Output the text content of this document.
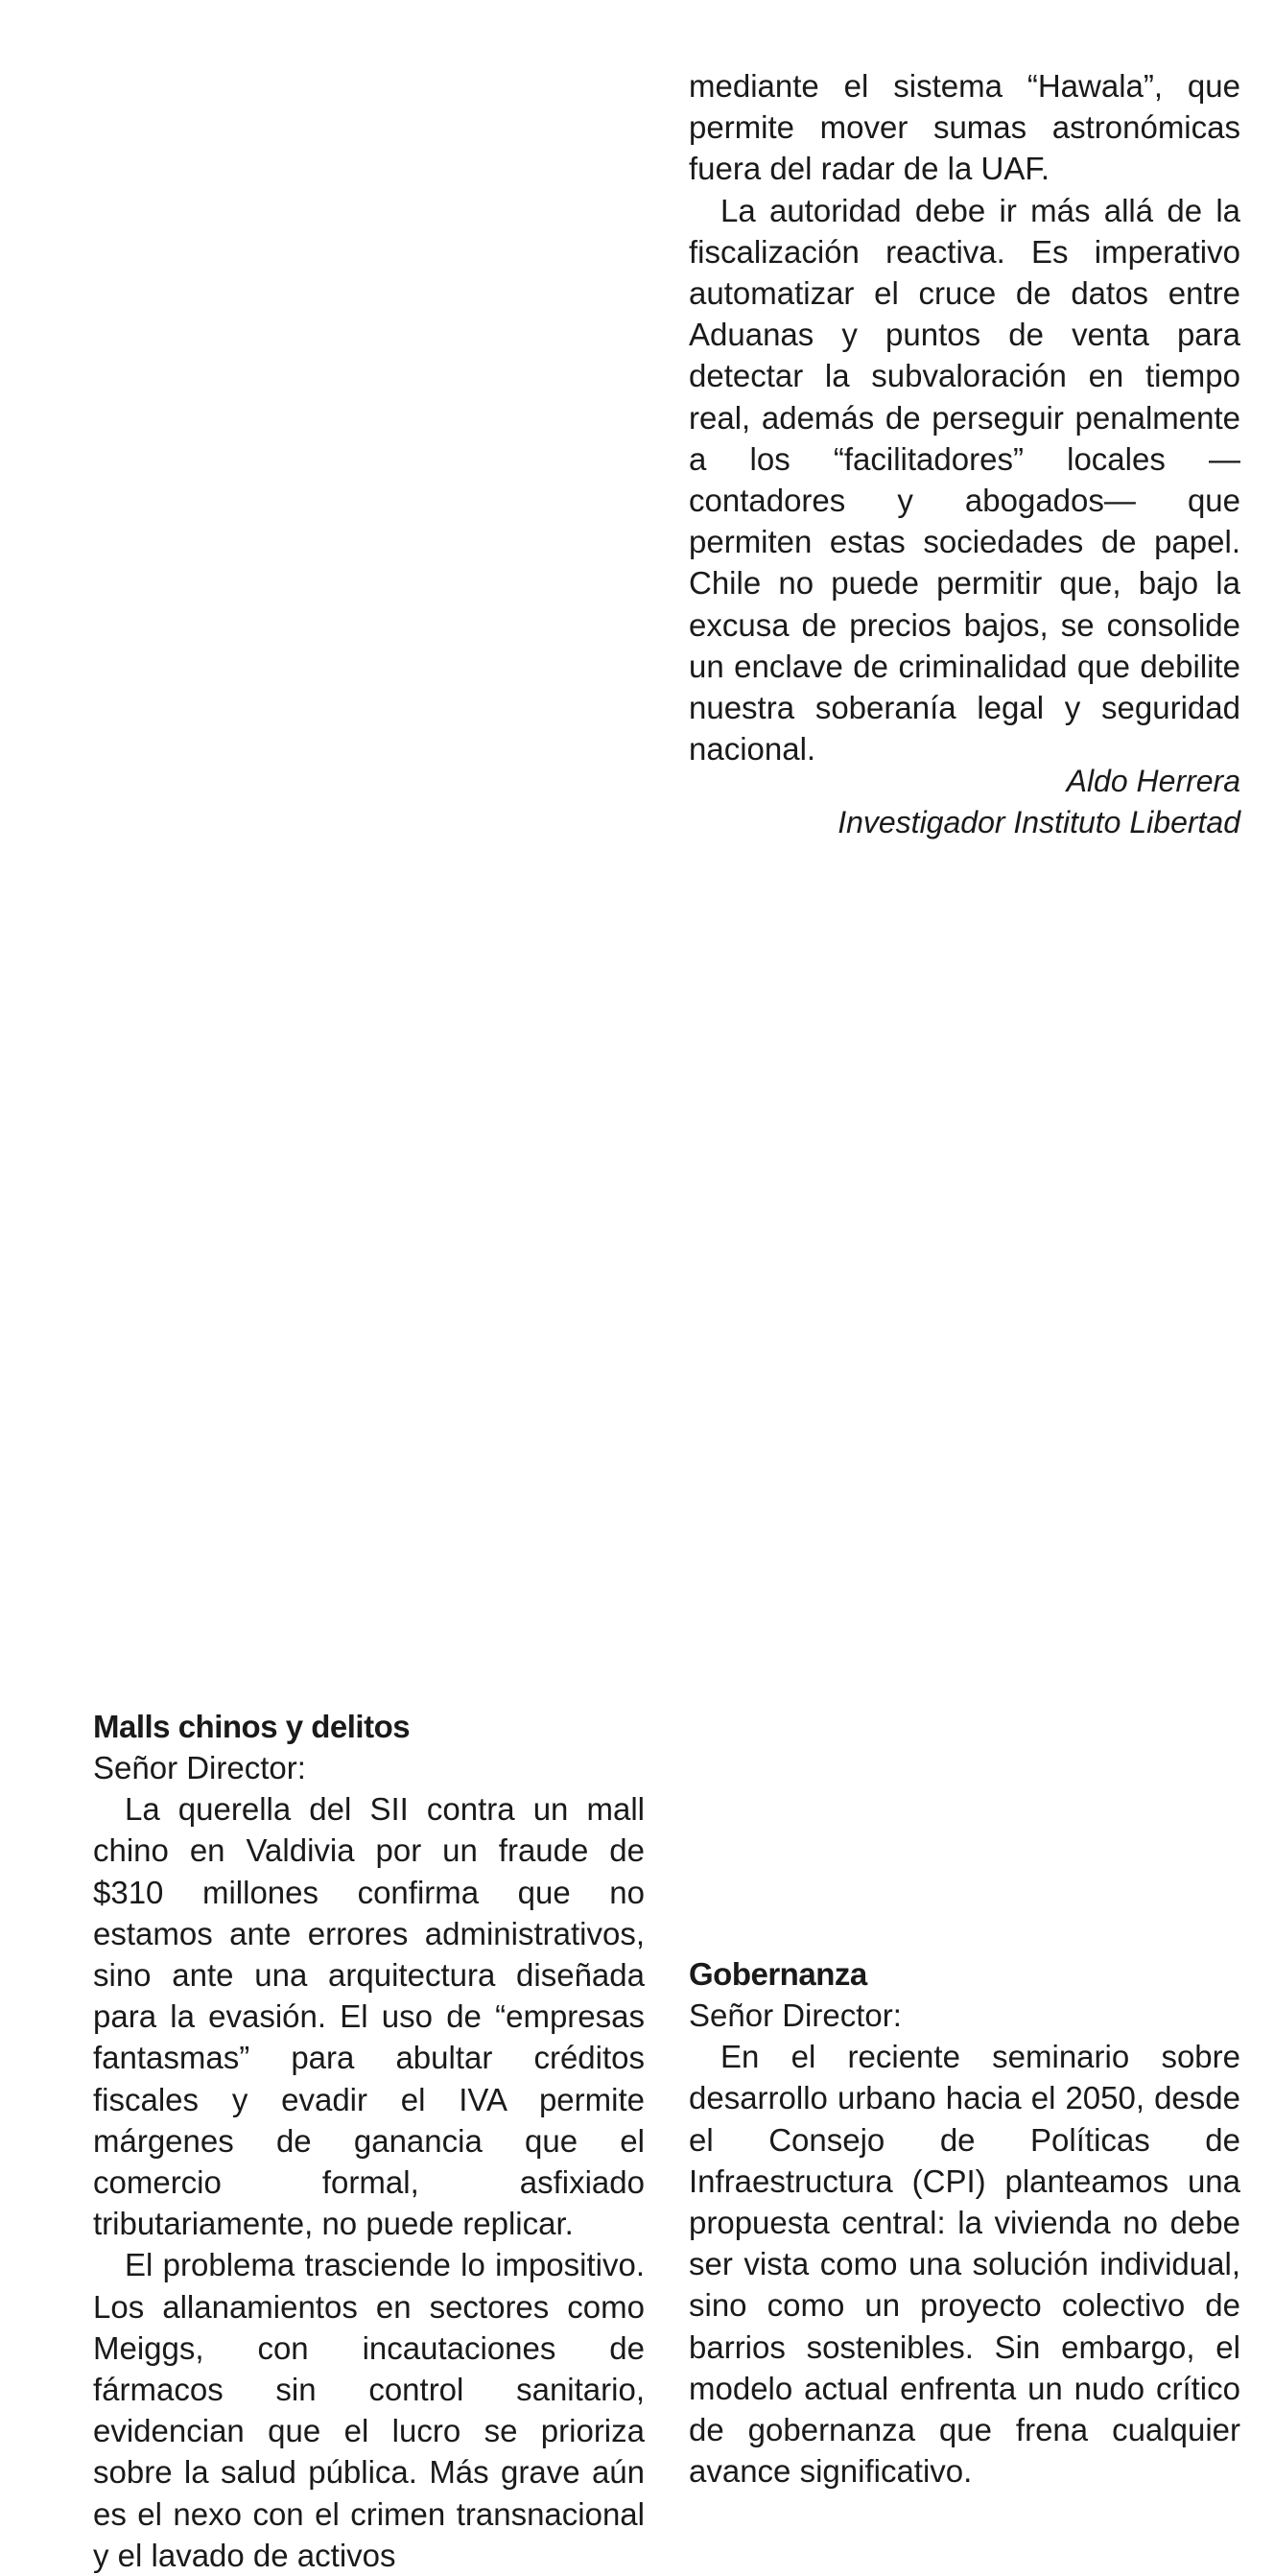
mediante el sistema “Hawala”, que permite mover sumas astronómicas fuera del radar de la UAF.

La autoridad debe ir más allá de la fiscalización reactiva. Es imperativo automatizar el cruce de datos entre Aduanas y puntos de venta para detectar la subvaloración en tiempo real, además de perseguir penalmente a los “facilitadores” locales —contadores y abogados— que permiten estas sociedades de papel. Chile no puede permitir que, bajo la excusa de precios bajos, se consolide un enclave de criminalidad que debilite nuestra soberanía legal y seguridad nacional.

Aldo Herrera
Investigador Instituto Libertad
Malls chinos y delitos

Señor Director:

La querella del SII contra un mall chino en Valdivia por un fraude de $310 millones confirma que no estamos ante errores administrativos, sino ante una arquitectura diseñada para la evasión. El uso de “empresas fantasmas” para abultar créditos fiscales y evadir el IVA permite márgenes de ganancia que el comercio formal, asfixiado tributariamente, no puede replicar.

El problema trasciende lo impositivo. Los allanamientos en sectores como Meiggs, con incautaciones de fármacos sin control sanitario, evidencian que el lucro se prioriza sobre la salud pública. Más grave aún es el nexo con el crimen transnacional y el lavado de activos

Gobernanza

Señor Director:

En el reciente seminario sobre desarrollo urbano hacia el 2050, desde el Consejo de Políticas de Infraestructura (CPI) planteamos una propuesta central: la vivienda no debe ser vista como una solución individual, sino como un proyecto colectivo de barrios sostenibles. Sin embargo, el modelo actual enfrenta un nudo crítico de gobernanza que frena cualquier avance significativo.
